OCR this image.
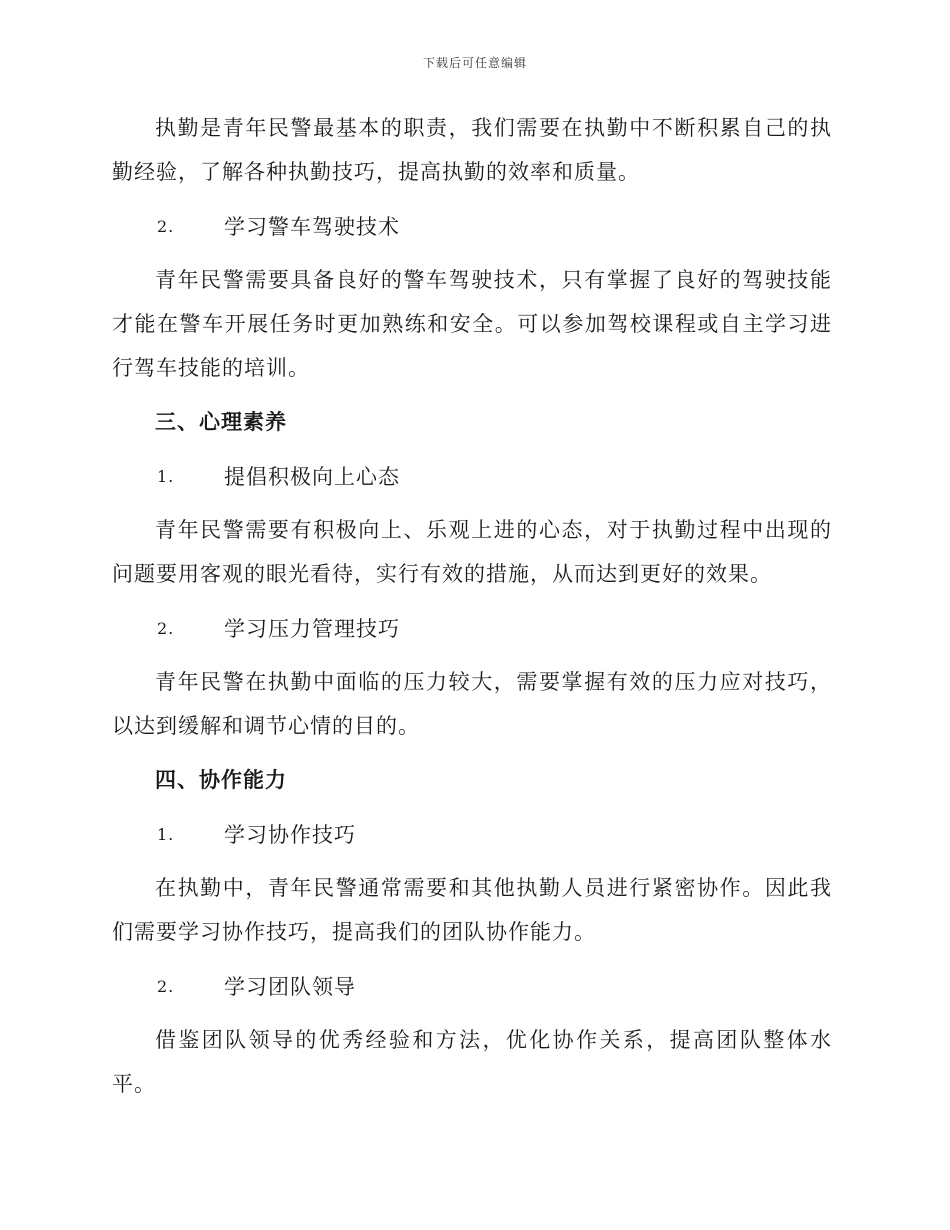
下载后可任意编辑

执勤是青年民警最基本的职责，我们需要在执勤中不断积累自己的执勤经验，了解各种执勤技巧，提高执勤的效率和质量。

2.	学习警车驾驶技术

青年民警需要具备良好的警车驾驶技术，只有掌握了良好的驾驶技能才能在警车开展任务时更加熟练和安全。可以参加驾校课程或自主学习进行驾车技能的培训。

三、心理素养
1.	提倡积极向上心态

青年民警需要有积极向上、乐观上进的心态，对于执勤过程中出现的问题要用客观的眼光看待，实行有效的措施，从而达到更好的效果。

2.	学习压力管理技巧

青年民警在执勤中面临的压力较大，需要掌握有效的压力应对技巧，以达到缓解和调节心情的目的。

四、协作能力
1.	学习协作技巧

在执勤中，青年民警通常需要和其他执勤人员进行紧密协作。因此我们需要学习协作技巧，提高我们的团队协作能力。

2.	学习团队领导

借鉴团队领导的优秀经验和方法，优化协作关系，提高团队整体水平。
